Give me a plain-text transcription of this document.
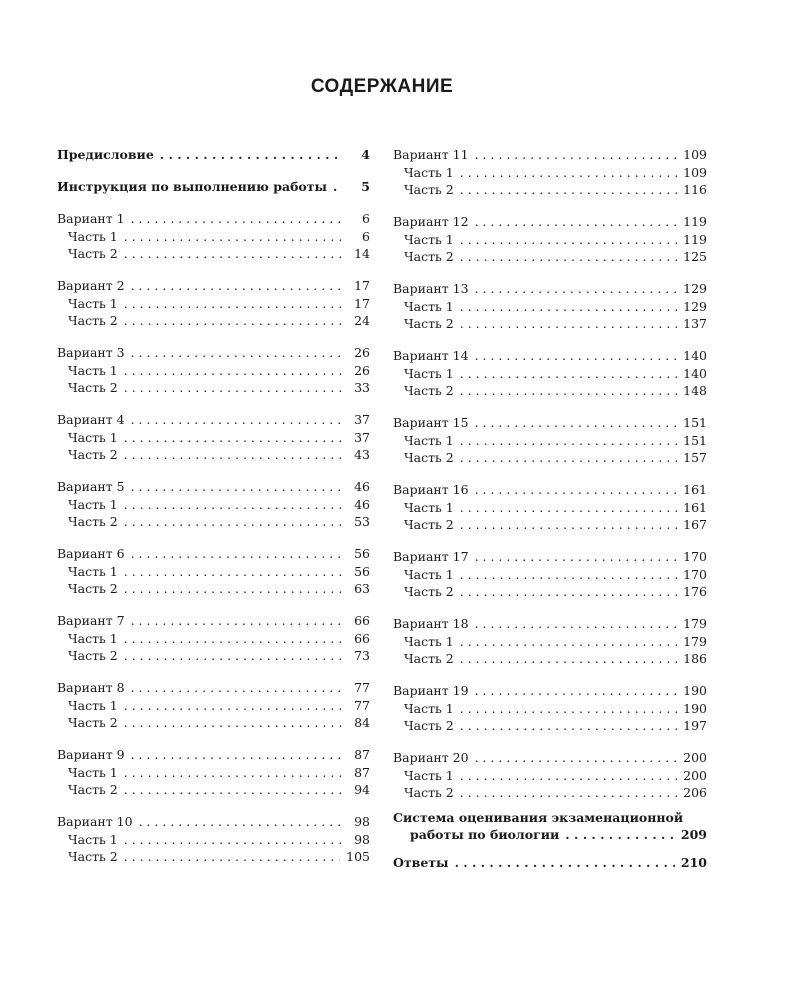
СОДЕРЖАНИЕ
Предисловие . . .	4
Инструкция по выполнению работы . . .	5
Вариант 1 . . .	6
Часть 1 . . .	6
Часть 2 . . .	14
Вариант 2 . . .	17
Часть 1 . . .	17
Часть 2 . . .	24
Вариант 3 . . .	26
Часть 1 . . .	26
Часть 2 . . .	33
Вариант 4 . . .	37
Часть 1 . . .	37
Часть 2 . . .	43
Вариант 5 . . .	46
Часть 1 . . .	46
Часть 2 . . .	53
Вариант 6 . . .	56
Часть 1 . . .	56
Часть 2 . . .	63
Вариант 7 . . .	66
Часть 1 . . .	66
Часть 2 . . .	73
Вариант 8 . . .	77
Часть 1 . . .	77
Часть 2 . . .	84
Вариант 9 . . .	87
Часть 1 . . .	87
Часть 2 . . .	94
Вариант 10 . . .	98
Часть 1 . . .	98
Часть 2 . . .	105
Вариант 11 . . .	109
Часть 1 . . .	109
Часть 2 . . .	116
Вариант 12 . . .	119
Часть 1 . . .	119
Часть 2 . . .	125
Вариант 13 . . .	129
Часть 1 . . .	129
Часть 2 . . .	137
Вариант 14 . . .	140
Часть 1 . . .	140
Часть 2 . . .	148
Вариант 15 . . .	151
Часть 1 . . .	151
Часть 2 . . .	157
Вариант 16 . . .	161
Часть 1 . . .	161
Часть 2 . . .	167
Вариант 17 . . .	170
Часть 1 . . .	170
Часть 2 . . .	176
Вариант 18 . . .	179
Часть 1 . . .	179
Часть 2 . . .	186
Вариант 19 . . .	190
Часть 1 . . .	190
Часть 2 . . .	197
Вариант 20 . . .	200
Часть 1 . . .	200
Часть 2 . . .	206
Система оценивания экзаменационной
работы по биологии . . .	209
Ответы . . .	210
